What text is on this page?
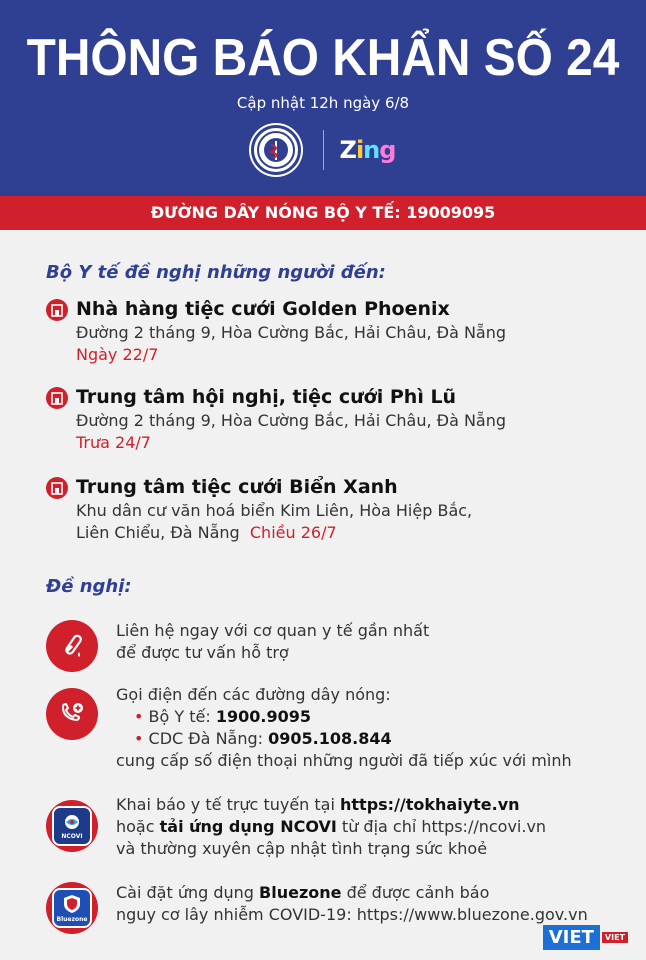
THÔNG BÁO KHẨN SỐ 24
Cập nhật 12h ngày 6/8
Zing
ĐƯỜNG DÂY NÓNG BỘ Y TẾ: 19009095
Bộ Y tế đề nghị những người đến:
Nhà hàng tiệc cưới Golden Phoenix
Đường 2 tháng 9, Hòa Cường Bắc, Hải Châu, Đà Nẵng
Ngày 22/7
Trung tâm hội nghị, tiệc cưới Phì Lũ
Đường 2 tháng 9, Hòa Cường Bắc, Hải Châu, Đà Nẵng
Trưa 24/7
Trung tâm tiệc cưới Biển Xanh
Khu dân cư văn hoá biển Kim Liên, Hòa Hiệp Bắc,
Liên Chiểu, Đà Nẵng Chiều 26/7
Đề nghị:
Liên hệ ngay với cơ quan y tế gần nhất
để được tư vấn hỗ trợ
Gọi điện đến các đường dây nóng:
• Bộ Y tế: 1900.9095
• CDC Đà Nẵng: 0905.108.844
cung cấp số điện thoại những người đã tiếp xúc với mình
NCOVI
Khai báo y tế trực tuyến tại https://tokhaiyte.vn
hoặc tải ứng dụng NCOVI từ địa chỉ https://ncovi.vn
và thường xuyên cập nhật tình trạng sức khoẻ
Bluezone
Cài đặt ứng dụng Bluezone để được cảnh báo
nguy cơ lây nhiễm COVID-19: https://www.bluezone.gov.vn
VIET	VIET
